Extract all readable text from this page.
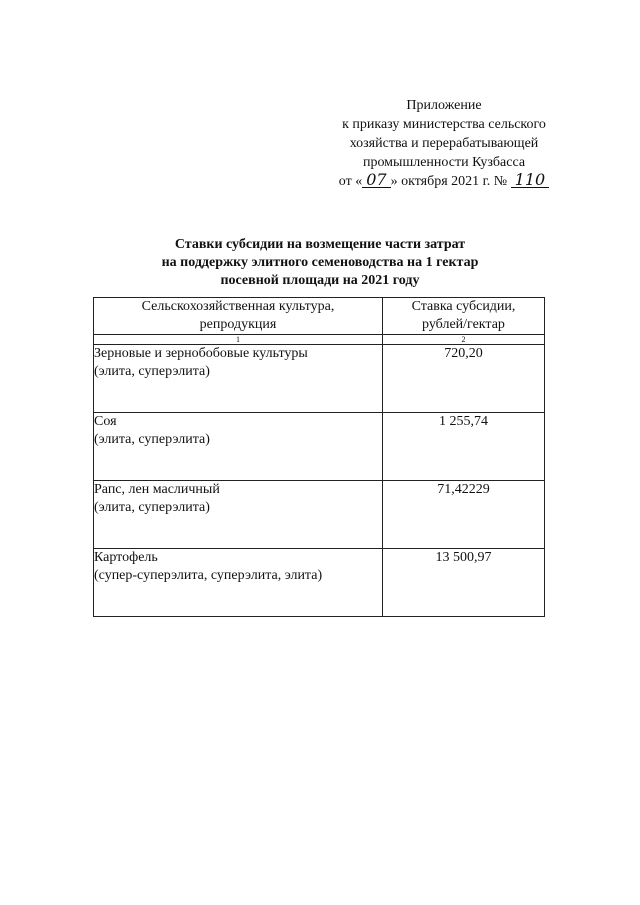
Приложение
к приказу министерства сельского
хозяйства и перерабатывающей
промышленности Кузбасса
от « 07 » октября 2021 г. № 110
Ставки субсидии на возмещение части затрат
на поддержку элитного семеноводства на 1 гектар
посевной площади на 2021 году
Сельскохозяйственная культура,
репродукция	Ставка субсидии,
рублей/гектар

1	2

Зерновые и зернобобовые культуры
(элита, суперэлита)	720,20

Соя
(элита, суперэлита)	1 255,74

Рапс, лен масличный
(элита, суперэлита)	71,42229

Картофель
(супер-суперэлита, суперэлита, элита)	13 500,97
